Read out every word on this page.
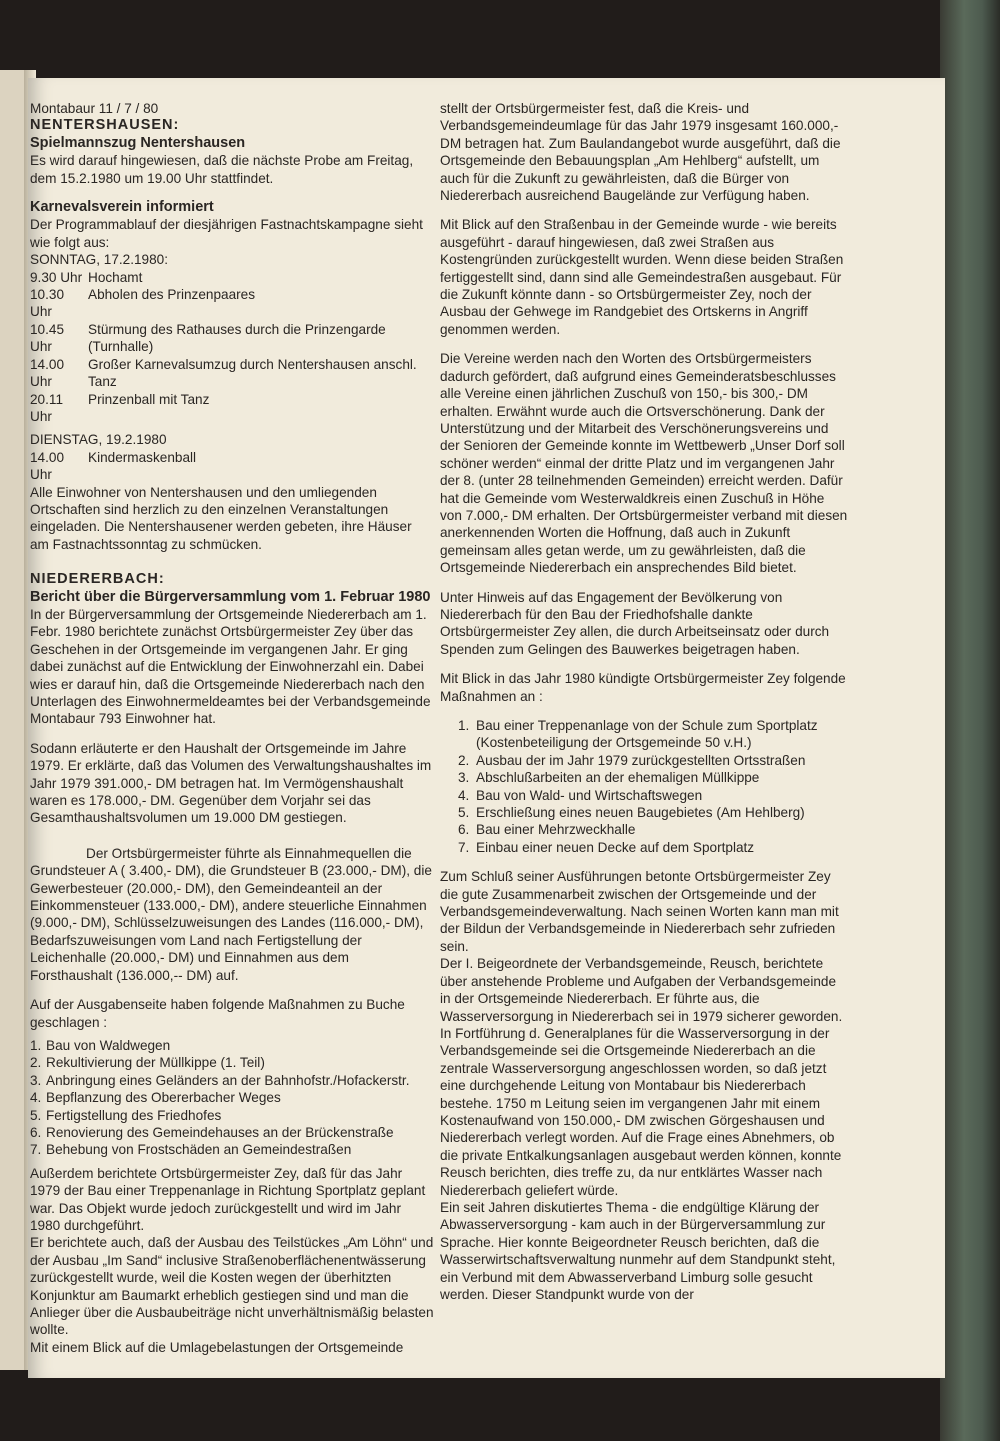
Montabaur 11 / 7 / 80
NENTERSHAUSEN:
Spielmannszug Nentershausen
Es wird darauf hingewiesen, daß die nächste Probe am Freitag, dem 15.2.1980 um 19.00 Uhr stattfindet.
Karnevalsverein informiert
Der Programmablauf der diesjährigen Fastnachtskampagne sieht wie folgt aus:
SONNTAG, 17.2.1980:
9.30 Uhr Hochamt
10.30 Uhr
Abholen des Prinzenpaares
10.45 Uhr
Stürmung des Rathauses durch die Prinzengarde (Turnhalle)
14.00 Uhr
Großer Karnevalsumzug durch Nentershausen anschl. Tanz
20.11 Uhr
Prinzenball mit Tanz
DIENSTAG, 19.2.1980
14.00 Uhr
Kindermaskenball
Alle Einwohner von Nentershausen und den umliegenden Ortschaften sind herzlich zu den einzelnen Veranstaltungen eingeladen. Die Nentershausener werden gebeten, ihre Häuser am Fastnachtssonntag zu schmücken.
NIEDERERBACH:
Bericht über die Bürgerversammlung vom 1. Februar 1980
In der Bürgerversammlung der Ortsgemeinde Niedererbach am 1. Febr. 1980 berichtete zunächst Ortsbürgermeister Zey über das Geschehen in der Ortsgemeinde im vergangenen Jahr. Er ging dabei zunächst auf die Entwicklung der Einwohnerzahl ein. Dabei wies er darauf hin, daß die Ortsgemeinde Niedererbach nach den Unterlagen des Einwohnermeldeamtes bei der Verbandsgemeinde Montabaur 793 Einwohner hat.
Sodann erläuterte er den Haushalt der Ortsgemeinde im Jahre 1979. Er erklärte, daß das Volumen des Verwaltungshaushaltes im Jahr 1979 391.000,- DM betragen hat. Im Vermögenshaushalt waren es 178.000,- DM. Gegenüber dem Vorjahr sei das Gesamthaushaltsvolumen um 19.000 DM gestiegen.
Der Ortsbürgermeister führte als Einnahmequellen die Grundsteuer A ( 3.400,- DM), die Grundsteuer B (23.000,- DM), die Gewerbesteuer (20.000,- DM), den Gemeindeanteil an der Einkommensteuer (133.000,- DM), andere steuerliche Einnahmen (9.000,- DM), Schlüsselzuweisungen des Landes (116.000,- DM), Bedarfszuweisungen vom Land nach Fertigstellung der Leichenhalle (20.000,- DM) und Einnahmen aus dem Forsthaushalt (136.000,-- DM) auf.
Auf der Ausgabenseite haben folgende Maßnahmen zu Buche geschlagen :
1. Bau von Waldwegen
2. Rekultivierung der Müllkippe (1. Teil)
3. Anbringung eines Geländers an der Bahnhofstr./Hofackerstr.
4. Bepflanzung des Obererbacher Weges
5. Fertigstellung des Friedhofes
6. Renovierung des Gemeindehauses an der Brückenstraße
7. Behebung von Frostschäden an Gemeindestraßen
Außerdem berichtete Ortsbürgermeister Zey, daß für das Jahr 1979 der Bau einer Treppenanlage in Richtung Sportplatz geplant war. Das Objekt wurde jedoch zurückgestellt und wird im Jahr 1980 durchgeführt.
Er berichtete auch, daß der Ausbau des Teilstückes „Am Löhn“ und der Ausbau „Im Sand“ inclusive Straßenoberflächenentwässerung zurückgestellt wurde, weil die Kosten wegen der überhitzten Konjunktur am Baumarkt erheblich gestiegen sind und man die Anlieger über die Ausbaubeiträge nicht unverhältnismäßig belasten wollte.
Mit einem Blick auf die Umlagebelastungen der Ortsgemeinde
stellt der Ortsbürgermeister fest, daß die Kreis- und Verbandsgemeindeumlage für das Jahr 1979 insgesamt 160.000,- DM betragen hat. Zum Baulandangebot wurde ausgeführt, daß die Ortsgemeinde den Bebauungsplan „Am Hehlberg“ aufstellt, um auch für die Zukunft zu gewährleisten, daß die Bürger von Niedererbach ausreichend Baugelände zur Verfügung haben.
Mit Blick auf den Straßenbau in der Gemeinde wurde - wie bereits ausgeführt - darauf hingewiesen, daß zwei Straßen aus Kostengründen zurückgestellt wurden. Wenn diese beiden Straßen fertiggestellt sind, dann sind alle Gemeindestraßen ausgebaut. Für die Zukunft könnte dann - so Ortsbürgermeister Zey, noch der Ausbau der Gehwege im Randgebiet des Ortskerns in Angriff genommen werden.
Die Vereine werden nach den Worten des Ortsbürgermeisters dadurch gefördert, daß aufgrund eines Gemeinderatsbeschlusses alle Vereine einen jährlichen Zuschuß von 150,- bis 300,- DM erhalten. Erwähnt wurde auch die Ortsverschönerung. Dank der Unterstützung und der Mitarbeit des Verschönerungsvereins und der Senioren der Gemeinde konnte im Wettbewerb „Unser Dorf soll schöner werden“ einmal der dritte Platz und im vergangenen Jahr der 8. (unter 28 teilnehmenden Gemeinden) erreicht werden. Dafür hat die Gemeinde vom Westerwaldkreis einen Zuschuß in Höhe von 7.000,- DM erhalten. Der Ortsbürgermeister verband mit diesen anerkennenden Worten die Hoffnung, daß auch in Zukunft gemeinsam alles getan werde, um zu gewährleisten, daß die Ortsgemeinde Niedererbach ein ansprechendes Bild bietet.
Unter Hinweis auf das Engagement der Bevölkerung von Niedererbach für den Bau der Friedhofshalle dankte Ortsbürgermeister Zey allen, die durch Arbeitseinsatz oder durch Spenden zum Gelingen des Bauwerkes beigetragen haben.
Mit Blick in das Jahr 1980 kündigte Ortsbürgermeister Zey folgende Maßnahmen an :
1. Bau einer Treppenanlage von der Schule zum Sportplatz (Kostenbeteiligung der Ortsgemeinde 50 v.H.)
2. Ausbau der im Jahr 1979 zurückgestellten Ortsstraßen
3. Abschlußarbeiten an der ehemaligen Müllkippe
4. Bau von Wald- und Wirtschaftswegen
5. Erschließung eines neuen Baugebietes (Am Hehlberg)
6. Bau einer Mehrzweckhalle
7. Einbau einer neuen Decke auf dem Sportplatz
Zum Schluß seiner Ausführungen betonte Ortsbürgermeister Zey die gute Zusammenarbeit zwischen der Ortsgemeinde und der Verbandsgemeindeverwaltung. Nach seinen Worten kann man mit der Bildun der Verbandsgemeinde in Niedererbach sehr zufrieden sein.
Der I. Beigeordnete der Verbandsgemeinde, Reusch, berichtete über anstehende Probleme und Aufgaben der Verbandsgemeinde in der Ortsgemeinde Niedererbach. Er führte aus, die Wasserversorgung in Niedererbach sei in 1979 sicherer geworden. In Fortführung d. Generalplanes für die Wasserversorgung in der Verbandsgemeinde sei die Ortsgemeinde Niedererbach an die zentrale Wasserversorgung angeschlossen worden, so daß jetzt eine durchgehende Leitung von Montabaur bis Niedererbach bestehe. 1750 m Leitung seien im vergangenen Jahr mit einem Kostenaufwand von 150.000,- DM zwischen Görgeshausen und Niedererbach verlegt worden. Auf die Frage eines Abnehmers, ob die private Entkalkungsanlagen ausgebaut werden können, konnte Reusch berichten, dies treffe zu, da nur entklärtes Wasser nach Niedererbach geliefert würde.
Ein seit Jahren diskutiertes Thema - die endgültige Klärung der Abwasserversorgung - kam auch in der Bürgerversammlung zur Sprache. Hier konnte Beigeordneter Reusch berichten, daß die Wasserwirtschaftsverwaltung nunmehr auf dem Standpunkt steht, ein Verbund mit dem Abwasserverband Limburg solle gesucht werden. Dieser Standpunkt wurde von der
